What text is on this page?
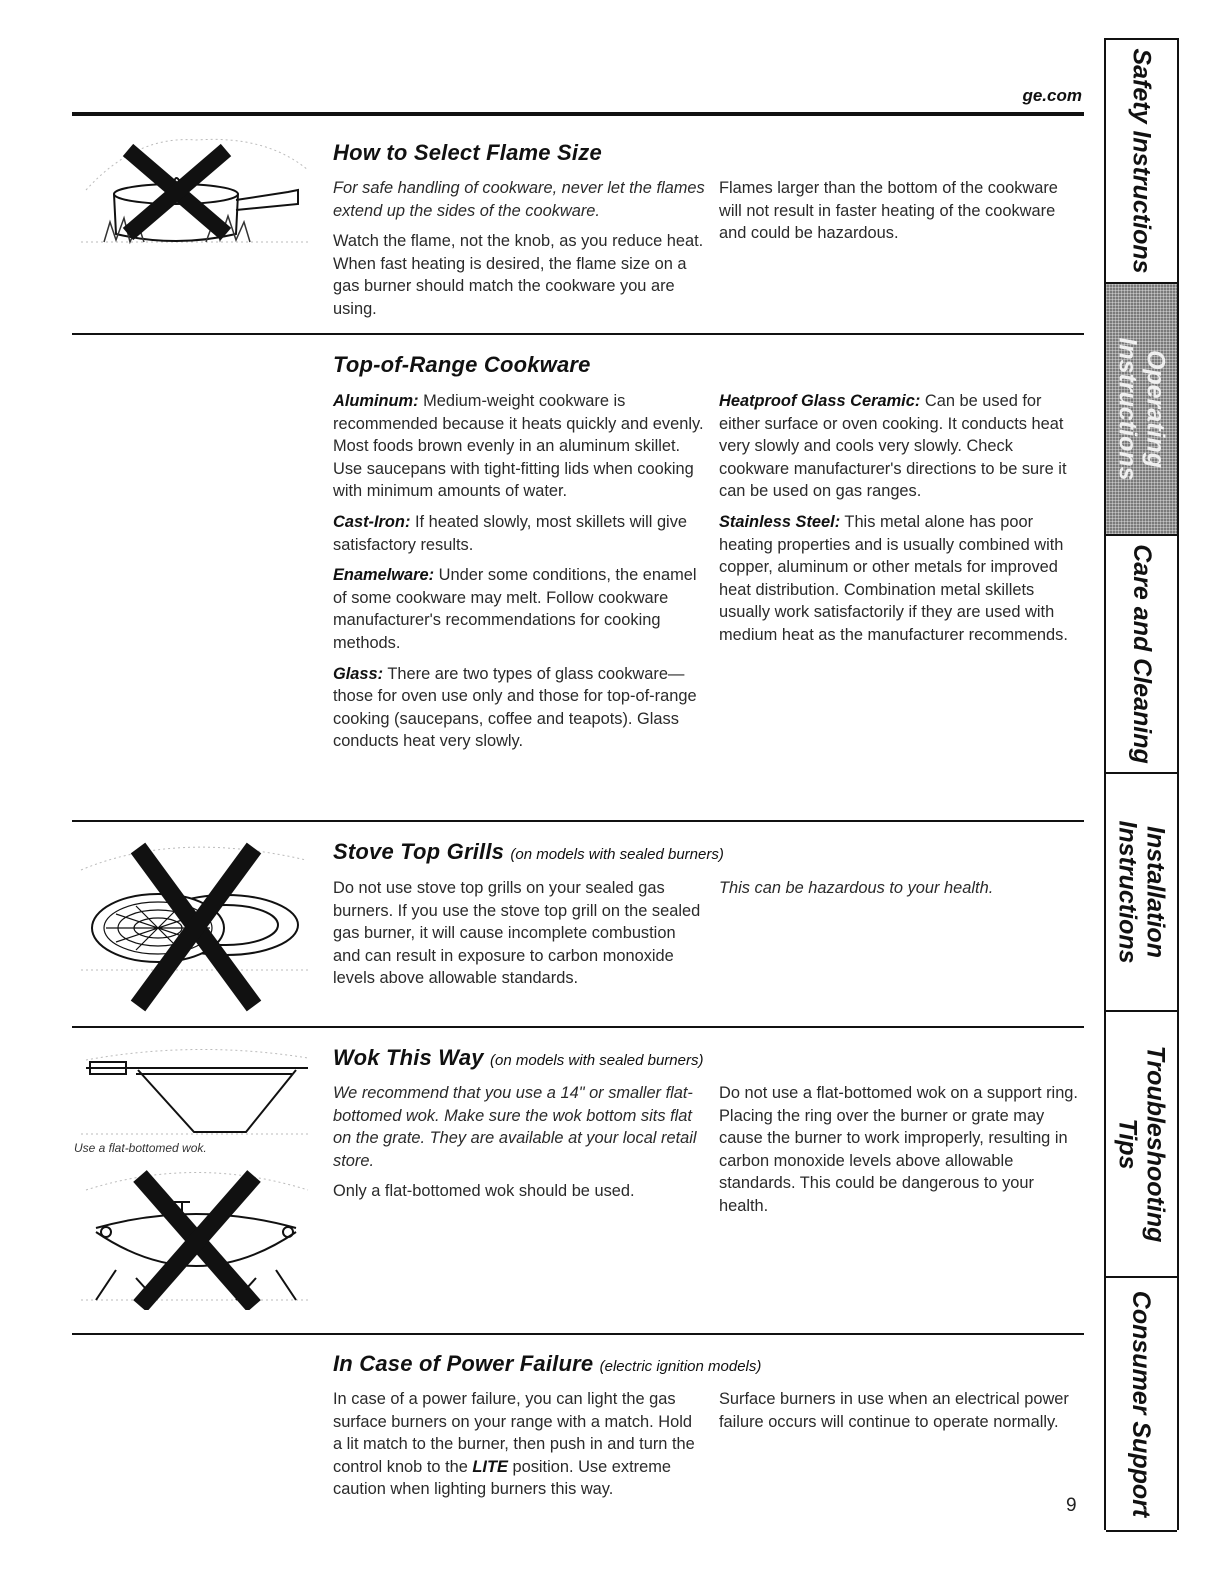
ge.com Safety Instructions
Operating
Instructions
Care and Cleaning
Installation
Instructions
Troubleshooting
Tips
Consumer Support
How to Select Flame Size

For safe handling of cookware, never let the flames extend up the sides of the cookware.

Watch the flame, not the knob, as you reduce heat. When fast heating is desired, the flame size on a gas burner should match the cookware you are using.

Flames larger than the bottom of the cookware will not result in faster heating of the cookware and could be hazardous.

Top-of-Range Cookware

Aluminum: Medium-weight cookware is recommended because it heats quickly and evenly. Most foods brown evenly in an aluminum skillet. Use saucepans with tight-fitting lids when cooking with minimum amounts of water.

Cast-Iron: If heated slowly, most skillets will give satisfactory results.

Enamelware: Under some conditions, the enamel of some cookware may melt. Follow cookware manufacturer's recommendations for cooking methods.

Glass: There are two types of glass cookware—those for oven use only and those for top-of-range cooking (saucepans, coffee and teapots). Glass conducts heat very slowly.

Heatproof Glass Ceramic: Can be used for either surface or oven cooking. It conducts heat very slowly and cools very slowly. Check cookware manufacturer's directions to be sure it can be used on gas ranges.

Stainless Steel: This metal alone has poor heating properties and is usually combined with copper, aluminum or other metals for improved heat distribution. Combination metal skillets usually work satisfactorily if they are used with medium heat as the manufacturer recommends.

Stove Top Grills (on models with sealed burners)

Do not use stove top grills on your sealed gas burners. If you use the stove top grill on the sealed gas burner, it will cause incomplete combustion and can result in exposure to carbon monoxide levels above allowable standards.

This can be hazardous to your health.

Use a flat-bottomed wok.
Wok This Way (on models with sealed burners)

We recommend that you use a 14" or smaller flat-bottomed wok. Make sure the wok bottom sits flat on the grate. They are available at your local retail store.

Only a flat-bottomed wok should be used.

Do not use a flat-bottomed wok on a support ring. Placing the ring over the burner or grate may cause the burner to work improperly, resulting in carbon monoxide levels above allowable standards. This could be dangerous to your health.

In Case of Power Failure (electric ignition models)

In case of a power failure, you can light the gas surface burners on your range with a match. Hold a lit match to the burner, then push in and turn the control knob to the LITE position. Use extreme caution when lighting burners this way.

Surface burners in use when an electrical power failure occurs will continue to operate normally.

9
